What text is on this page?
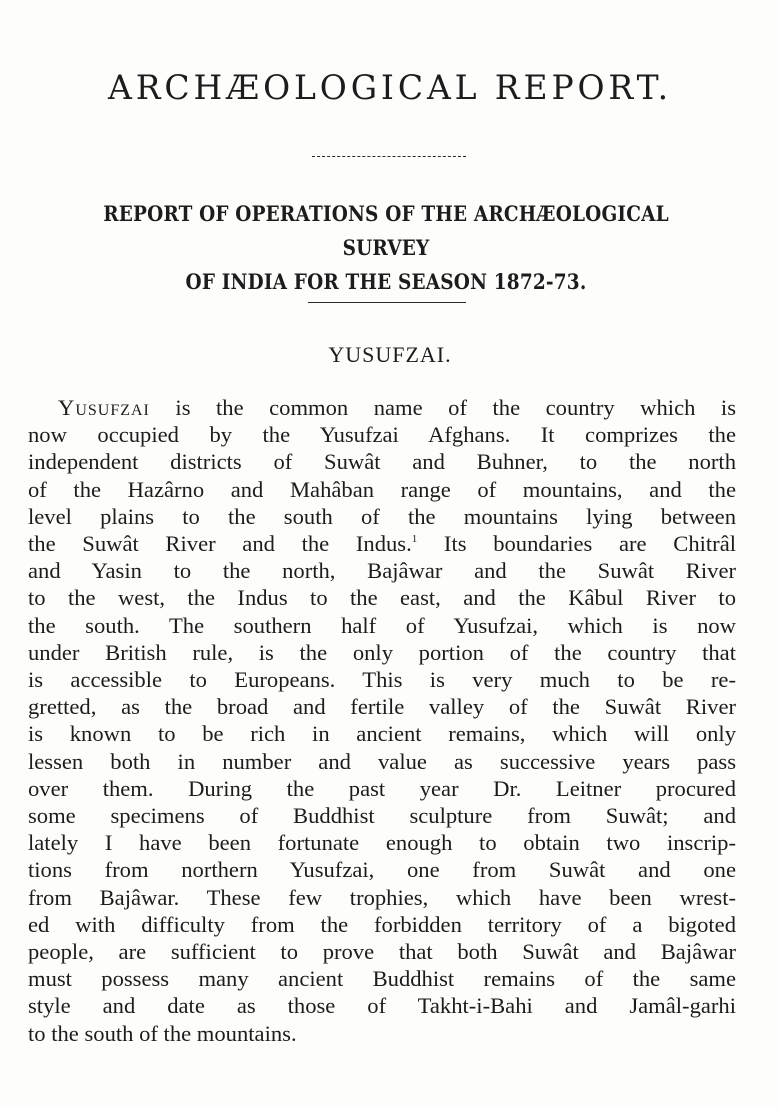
ARCHÆOLOGICAL REPORT.
REPORT OF OPERATIONS OF THE ARCHÆOLOGICAL SURVEY
OF INDIA FOR THE SEASON 1872-73.
YUSUFZAI.
Yusufzai is the common name of the country which is
now occupied by the Yusufzai Afghans. It comprizes the
independent districts of Suwât and Buhner, to the north
of the Hazârno and Mahâban range of mountains, and the
level plains to the south of the mountains lying between
the Suwât River and the Indus.$^1$ Its boundaries are Chitrâl
and Yasin to the north, Bajâwar and the Suwât River
to the west, the Indus to the east, and the Kâbul River to
the south. The southern half of Yusufzai, which is now
under British rule, is the only portion of the country that
is accessible to Europeans. This is very much to be re-
gretted, as the broad and fertile valley of the Suwât River
is known to be rich in ancient remains, which will only
lessen both in number and value as successive years pass
over them. During the past year Dr. Leitner procured
some specimens of Buddhist sculpture from Suwât; and
lately I have been fortunate enough to obtain two inscrip-
tions from northern Yusufzai, one from Suwât and one
from Bajâwar. These few trophies, which have been wrest-
ed with difficulty from the forbidden territory of a bigoted
people, are sufficient to prove that both Suwât and Bajâwar
must possess many ancient Buddhist remains of the same
style and date as those of Takht-i-Bahi and Jamâl-garhi
to the south of the mountains.
